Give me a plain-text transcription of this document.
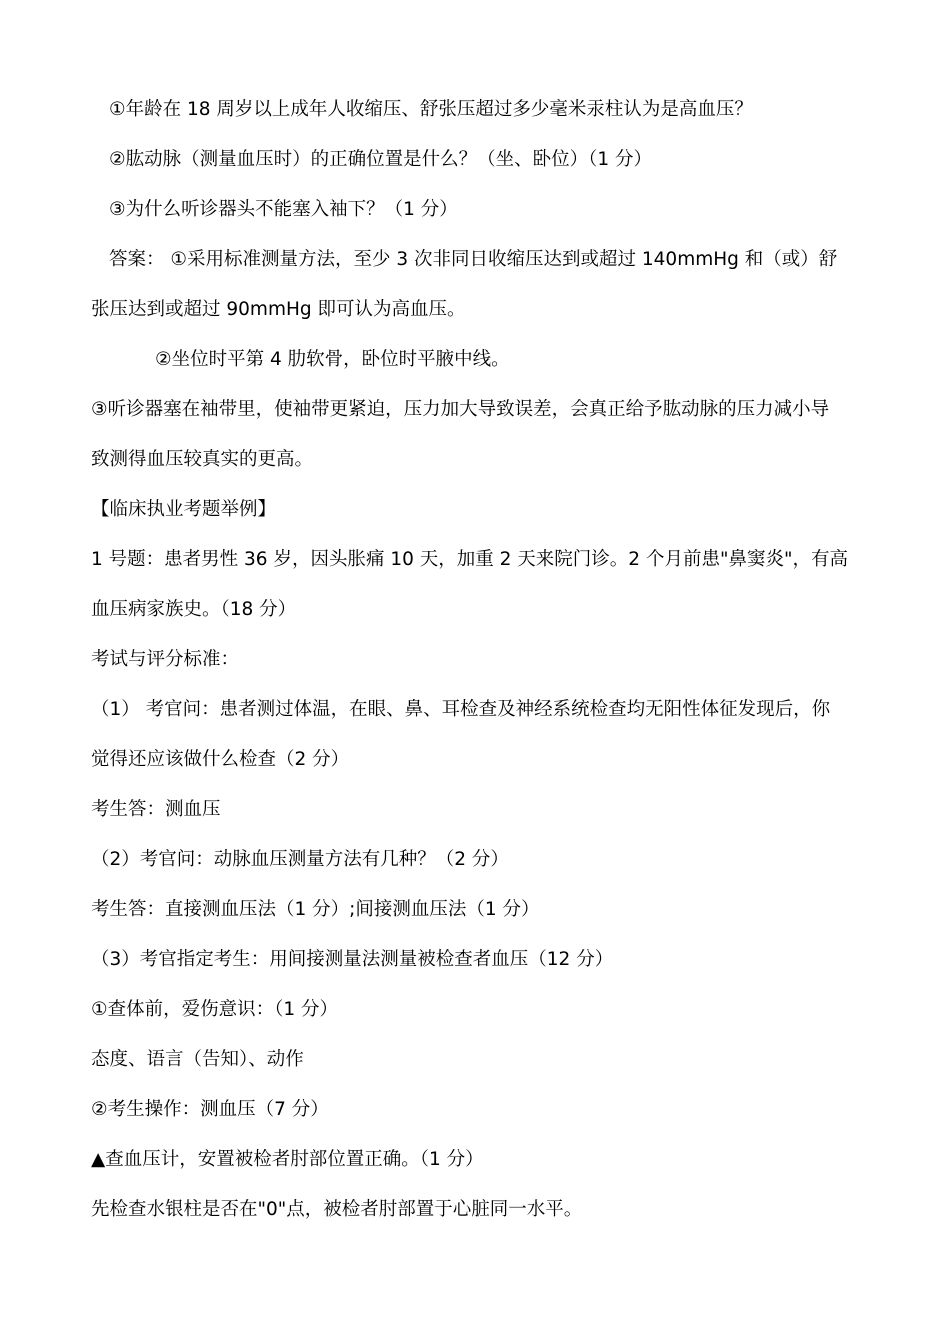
①年龄在 18 周岁以上成年人收缩压、舒张压超过多少毫米汞柱认为是高血压？
②肱动脉（测量血压时）的正确位置是什么？（坐、卧位）（1 分）
③为什么听诊器头不能塞入袖下？（1 分）
答案： ①采用标准测量方法，至少 3 次非同日收缩压达到或超过 140mmHg 和（或）舒
张压达到或超过 90mmHg 即可认为高血压。
②坐位时平第 4 肋软骨，卧位时平腋中线。
③听诊器塞在袖带里，使袖带更紧迫，压力加大导致误差，会真正给予肱动脉的压力减小导
致测得血压较真实的更高。
【临床执业考题举例】
1 号题：患者男性 36 岁，因头胀痛 10 天，加重 2 天来院门诊。2 个月前患"鼻窦炎"，有高
血压病家族史。（18 分）
考试与评分标准：
（1） 考官问：患者测过体温，在眼、鼻、耳检查及神经系统检查均无阳性体征发现后，你
觉得还应该做什么检查（2 分）
考生答：测血压
（2）考官问：动脉血压测量方法有几种？（2 分）
考生答：直接测血压法（1 分）;间接测血压法（1 分）
（3）考官指定考生：用间接测量法测量被检查者血压（12 分）
①查体前，爱伤意识：（1 分）
态度、语言（告知）、动作
②考生操作：测血压（7 分）
▲查血压计，安置被检者肘部位置正确。（1 分）
先检查水银柱是否在"0"点，被检者肘部置于心脏同一水平。
